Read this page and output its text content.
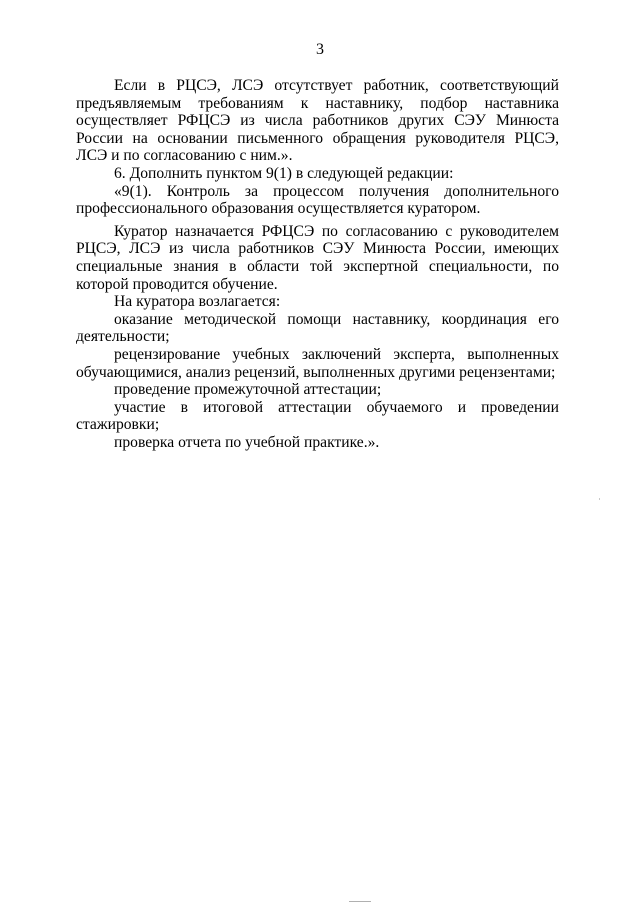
3

Если в РЦСЭ, ЛСЭ отсутствует работник, соответствующий предъявляемым требованиям к наставнику, подбор наставника осуществляет РФЦСЭ из числа работников других СЭУ Минюста России на основании письменного обращения руководителя РЦСЭ, ЛСЭ и по согласованию с ним.».

6. Дополнить пунктом 9(1) в следующей редакции:

«9(1). Контроль за процессом получения дополнительного профессионального образования осуществляется куратором.

Куратор назначается РФЦСЭ по согласованию с руководителем РЦСЭ, ЛСЭ из числа работников СЭУ Минюста России, имеющих специальные знания в области той экспертной специальности, по которой проводится обучение.

На куратора возлагается:

оказание методической помощи наставнику, координация его деятельности;

рецензирование учебных заключений эксперта, выполненных обучающимися, анализ рецензий, выполненных другими рецензентами;

проведение промежуточной аттестации;

участие в итоговой аттестации обучаемого и проведении стажировки;

проверка отчета по учебной практике.».
